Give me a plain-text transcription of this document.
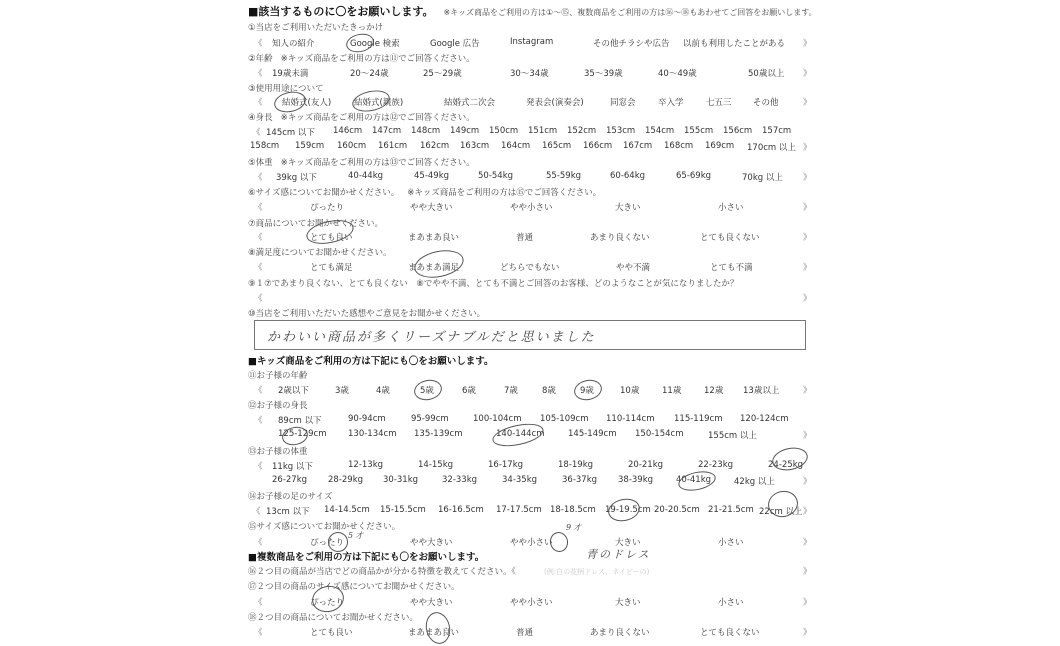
■該当するものに〇をお願いします。 ※キッズ商品をご利用の方は①〜⑮、複数商品をご利用の方は⑯〜⑱もあわせてご回答をお願いします。
①当店をご利用いただいたきっかけ
《 知人の紹介	Google 検索	Google 広告	Instagram	その他チラシや広告 以前も利用したことがある 》
②年齢 ※キッズ商品をご利用の方は⑪でご回答ください。
《 19歳未満	20〜24歳	25〜29歳	30〜34歳	35〜39歳	40〜49歳	50歳以上 》
③使用用途について
《 結婚式(友人)	結婚式(親族)	結婚式二次会	発表会(演奏会)	同窓会	卒入学	七五三	その他	》
④身長 ※キッズ商品をご利用の方は⑫でご回答ください。
《 145cm 以下 146cm 147cm 148cm 149cm 150cm 151cm 152cm 153cm 154cm 155cm 156cm 157cm
158cm 159cm 160cm 161cm 162cm 163cm 164cm 165cm 166cm 167cm 168cm 169cm 170cm 以上 》
⑤体重 ※キッズ商品をご利用の方は⑬でご回答ください。
《 39kg 以下	40-44kg	45-49kg	50-54kg	55-59kg	60-64kg	65-69kg	70kg 以上 》
⑥サイズ感についてお聞かせください。 ※キッズ商品をご利用の方は⑮でご回答ください。
《	ぴったり	やや大きい	やや小さい	大きい	小さい	》
⑦商品についてお聞かせください。
《	とても良い	まあまあ良い	普通	あまり良くない	とても良くない	》
⑧満足度についてお聞かせください。
《	とても満足	まあまあ満足	どちらでもない	やや不満	とても不満	》
⑨１⑦であまり良くない、とても良くない　⑧でやや不満、とても不満とご回答のお客様、どのようなことが気になりましたか？
《	》
⑩当店をご利用いただいた感想やご意見をお聞かせください。
かわいい商品が多くリーズナブルだと思いました
■キッズ商品をご利用の方は下記にも〇をお願いします。
⑪お子様の年齢
《 2歳以下	3歳	4歳	5歳	6歳	7歳	8歳	9歳	10歳	11歳	12歳 13歳以上	》
⑫お子様の身長
《 89cm 以下	90-94cm	95-99cm	100-104cm 105-109cm 110-114cm 115-119cm 120-124cm
125-129cm	130-134cm 135-139cm	140-144cm	145-149cm 150-154cm	155cm 以上	》
⑬お子様の体重
《 11kg 以下	12-13kg	14-15kg	16-17kg	18-19kg	20-21kg	22-23kg	24-25kg
26-27kg 28-29kg 30-31kg	32-33kg	34-35kg	36-37kg 38-39kg	40-41kg	42kg 以上	》
⑭お子様の足のサイズ
《 13cm 以下 14-14.5cm 15-15.5cm 16-16.5cm 17-17.5cm 18-18.5cm 19-19.5cm 20-20.5cm 21-21.5cm 22cm 以上 》
⑮サイズ感についてお聞かせください。
《	ぴったり	やや大きい	やや小さい	大きい	小さい	》
5才
9才
■複数商品をご利用の方は下記にも〇をお願いします。
⑯２つ目の商品が当店でどの商品かが分かる特徴を教えてください。《
青のドレス
(例:白の花柄ドレス、ネイビーの)	》
⑰２つ目の商品のサイズ感についてお聞かせください。
《	ぴったり	やや大きい	やや小さい	大きい	小さい	》
⑱２つ目の商品についてお聞かせください。
《	とても良い	まあまあ良い	普通	あまり良くない	とても良くない	》
